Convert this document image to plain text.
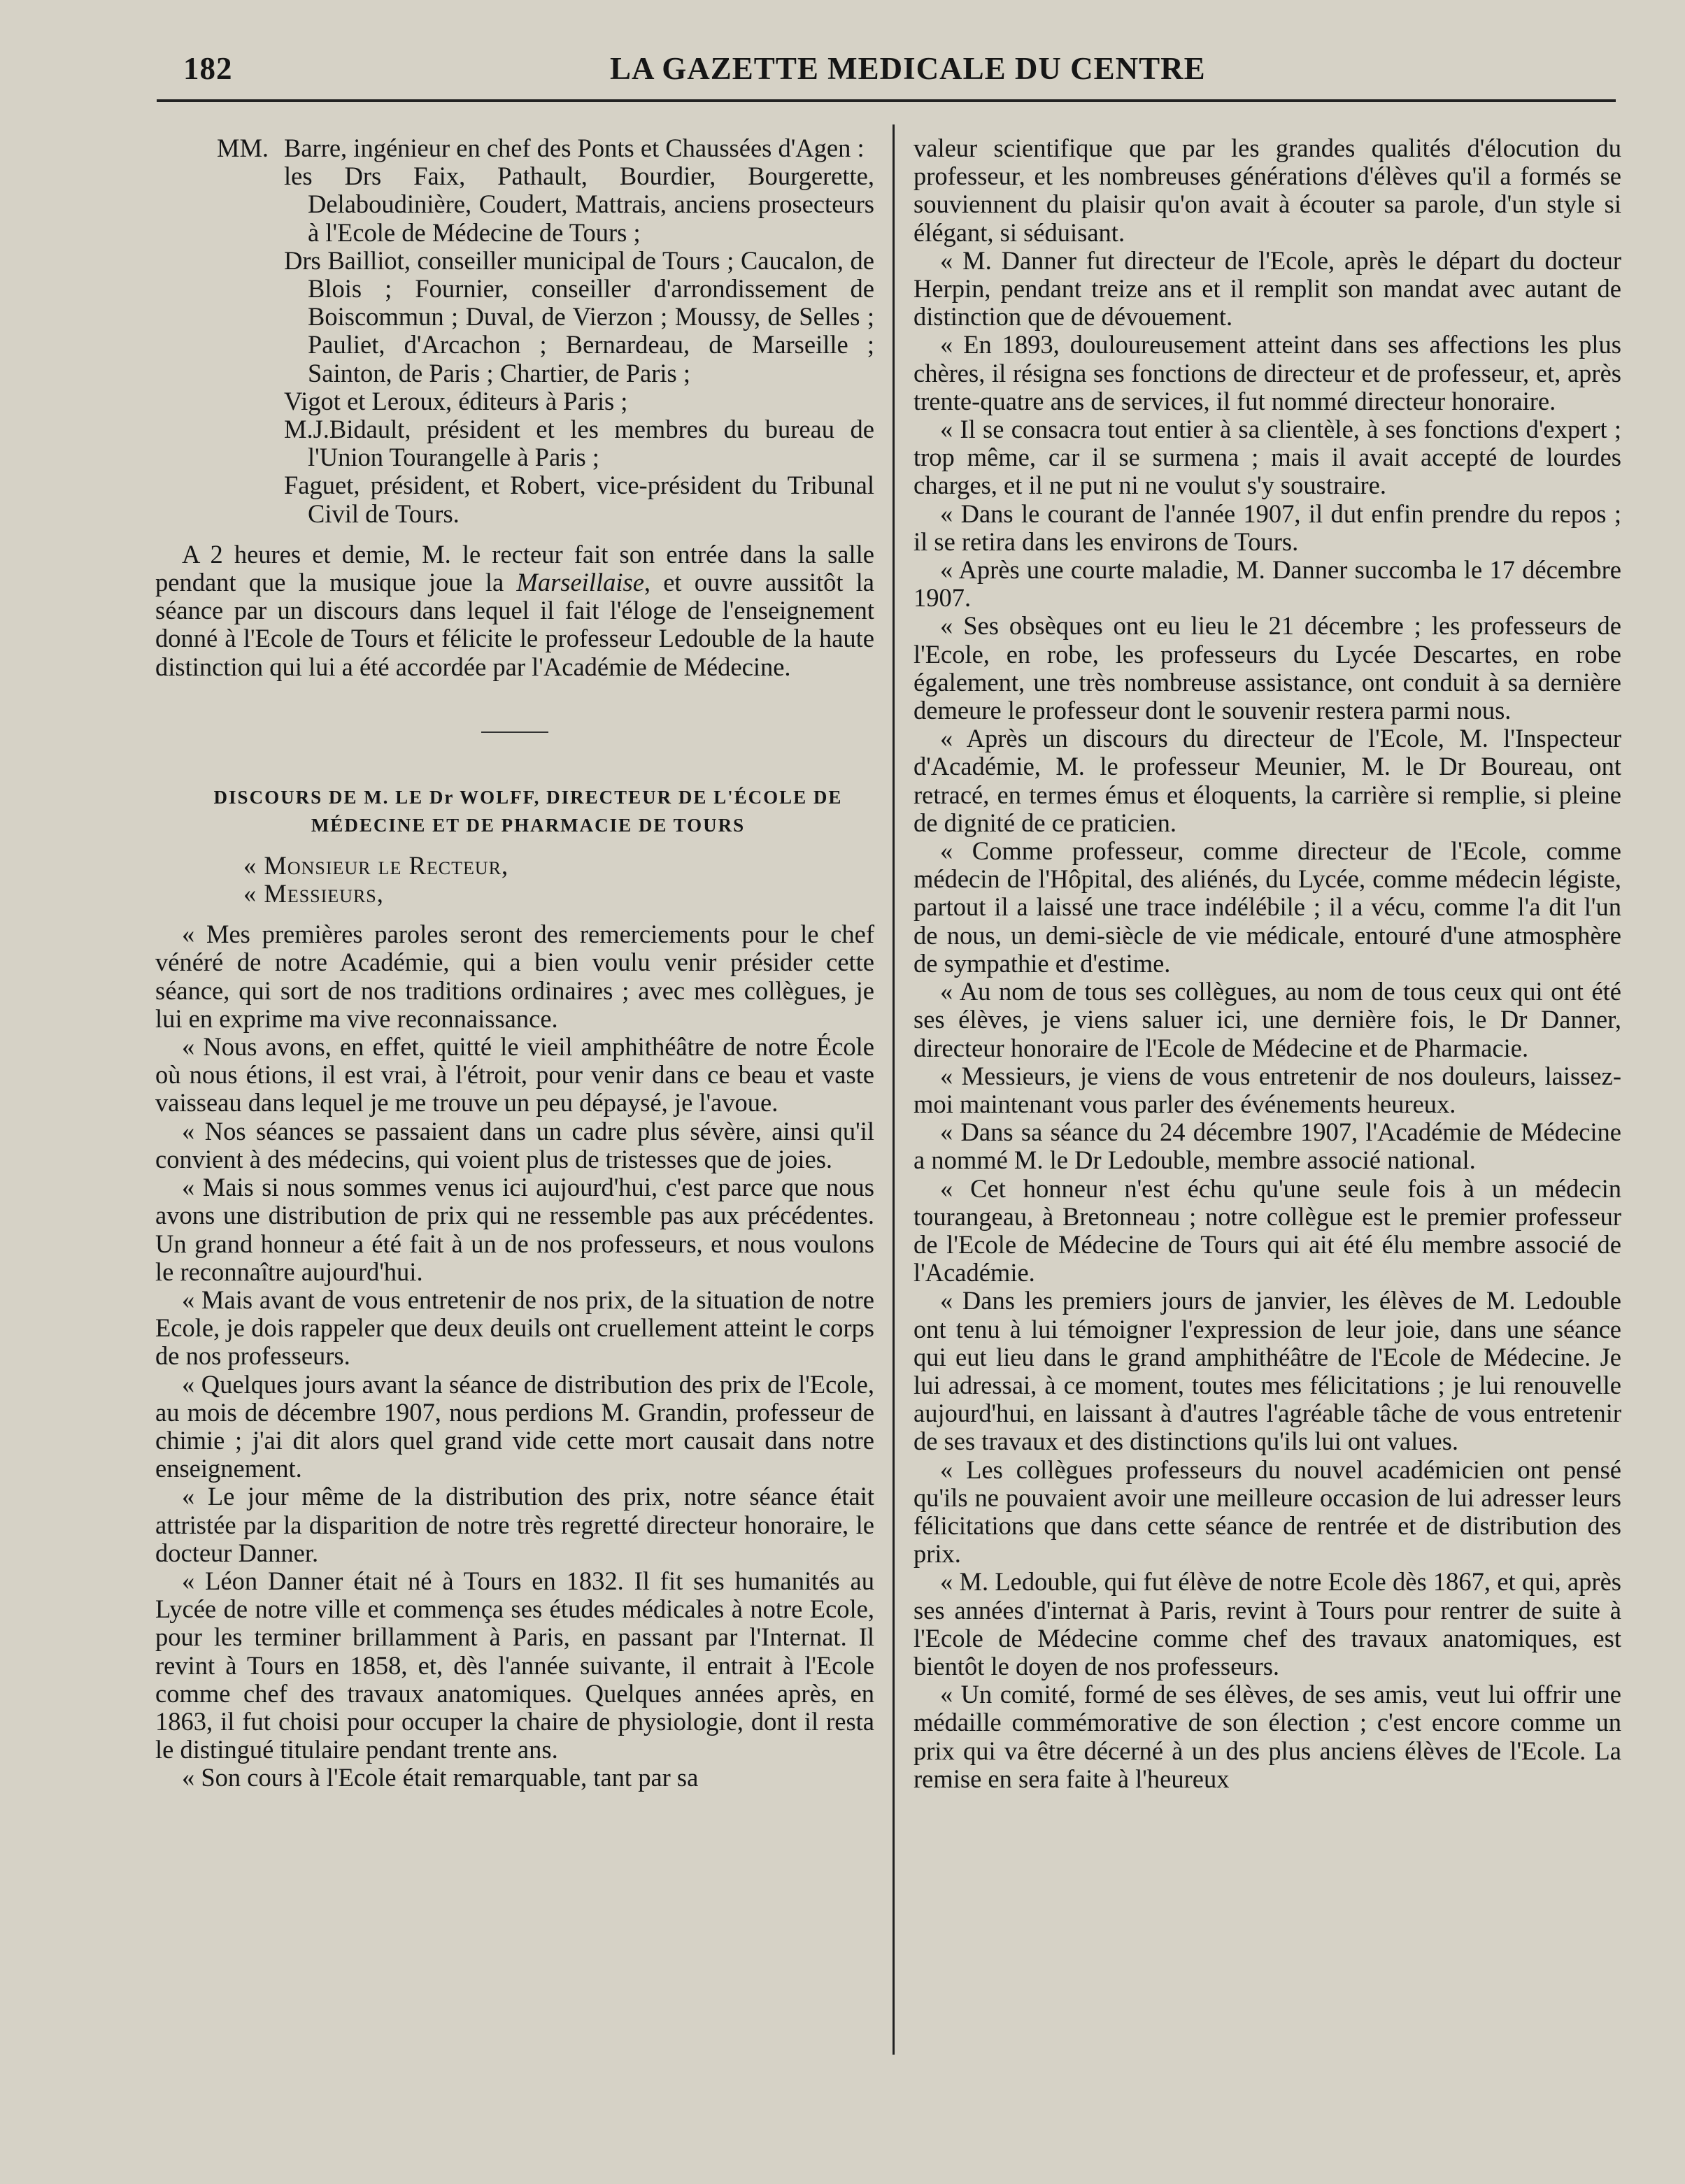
182	LA GAZETTE MEDICALE DU CENTRE
MM. Barre, ingénieur en chef des Ponts et Chaussées d'Agen :

les Drs Faix, Pathault, Bourdier, Bourgerette, Delaboudinière, Coudert, Mattrais, anciens prosecteurs à l'Ecole de Médecine de Tours ;

Drs Bailliot, conseiller municipal de Tours ; Caucalon, de Blois ; Fournier, conseiller d'arrondissement de Boiscommun ; Duval, de Vierzon ; Moussy, de Selles ; Pauliet, d'Arcachon ; Bernardeau, de Marseille ; Sainton, de Paris ; Chartier, de Paris ;

Vigot et Leroux, éditeurs à Paris ;

M.J.Bidault, président et les membres du bureau de l'Union Tourangelle à Paris ;

Faguet, président, et Robert, vice-président du Tribunal Civil de Tours.

A 2 heures et demie, M. le recteur fait son entrée dans la salle pendant que la musique joue la Marseillaise, et ouvre aussitôt la séance par un discours dans lequel il fait l'éloge de l'enseignement donné à l'Ecole de Tours et félicite le professeur Ledouble de la haute distinction qui lui a été accordée par l'Académie de Médecine.

DISCOURS DE M. LE Dr WOLFF, DIRECTEUR DE L'ÉCOLE DE

MÉDECINE ET DE PHARMACIE DE TOURS

« Monsieur le Recteur,

« Messieurs,

« Mes premières paroles seront des remerciements pour le chef vénéré de notre Académie, qui a bien voulu venir présider cette séance, qui sort de nos traditions ordinaires ; avec mes collègues, je lui en exprime ma vive reconnaissance.

« Nous avons, en effet, quitté le vieil amphithéâtre de notre École où nous étions, il est vrai, à l'étroit, pour venir dans ce beau et vaste vaisseau dans lequel je me trouve un peu dépaysé, je l'avoue.

« Nos séances se passaient dans un cadre plus sévère, ainsi qu'il convient à des médecins, qui voient plus de tristesses que de joies.

« Mais si nous sommes venus ici aujourd'hui, c'est parce que nous avons une distribution de prix qui ne ressemble pas aux précédentes. Un grand honneur a été fait à un de nos professeurs, et nous voulons le reconnaître aujourd'hui.

« Mais avant de vous entretenir de nos prix, de la situation de notre Ecole, je dois rappeler que deux deuils ont cruellement atteint le corps de nos professeurs.

« Quelques jours avant la séance de distribution des prix de l'Ecole, au mois de décembre 1907, nous perdions M. Grandin, professeur de chimie ; j'ai dit alors quel grand vide cette mort causait dans notre enseignement.

« Le jour même de la distribution des prix, notre séance était attristée par la disparition de notre très regretté directeur honoraire, le docteur Danner.

« Léon Danner était né à Tours en 1832. Il fit ses humanités au Lycée de notre ville et commença ses études médicales à notre Ecole, pour les terminer brillamment à Paris, en passant par l'Internat. Il revint à Tours en 1858, et, dès l'année suivante, il entrait à l'Ecole comme chef des travaux anatomiques. Quelques années après, en 1863, il fut choisi pour occuper la chaire de physiologie, dont il resta le distingué titulaire pendant trente ans.

« Son cours à l'Ecole était remarquable, tant par sa

valeur scientifique que par les grandes qualités d'élocution du professeur, et les nombreuses générations d'élèves qu'il a formés se souviennent du plaisir qu'on avait à écouter sa parole, d'un style si élégant, si séduisant.

« M. Danner fut directeur de l'Ecole, après le départ du docteur Herpin, pendant treize ans et il remplit son mandat avec autant de distinction que de dévouement.

« En 1893, douloureusement atteint dans ses affections les plus chères, il résigna ses fonctions de directeur et de professeur, et, après trente-quatre ans de services, il fut nommé directeur honoraire.

« Il se consacra tout entier à sa clientèle, à ses fonctions d'expert ; trop même, car il se surmena ; mais il avait accepté de lourdes charges, et il ne put ni ne voulut s'y soustraire.

« Dans le courant de l'année 1907, il dut enfin prendre du repos ; il se retira dans les environs de Tours.

« Après une courte maladie, M. Danner succomba le 17 décembre 1907.

« Ses obsèques ont eu lieu le 21 décembre ; les professeurs de l'Ecole, en robe, les professeurs du Lycée Descartes, en robe également, une très nombreuse assistance, ont conduit à sa dernière demeure le professeur dont le souvenir restera parmi nous.

« Après un discours du directeur de l'Ecole, M. l'Inspecteur d'Académie, M. le professeur Meunier, M. le Dr Boureau, ont retracé, en termes émus et éloquents, la carrière si remplie, si pleine de dignité de ce praticien.

« Comme professeur, comme directeur de l'Ecole, comme médecin de l'Hôpital, des aliénés, du Lycée, comme médecin légiste, partout il a laissé une trace indélébile ; il a vécu, comme l'a dit l'un de nous, un demi-siècle de vie médicale, entouré d'une atmosphère de sympathie et d'estime.

« Au nom de tous ses collègues, au nom de tous ceux qui ont été ses élèves, je viens saluer ici, une dernière fois, le Dr Danner, directeur honoraire de l'Ecole de Médecine et de Pharmacie.

« Messieurs, je viens de vous entretenir de nos douleurs, laissez-moi maintenant vous parler des événements heureux.

« Dans sa séance du 24 décembre 1907, l'Académie de Médecine a nommé M. le Dr Ledouble, membre associé national.

« Cet honneur n'est échu qu'une seule fois à un médecin tourangeau, à Bretonneau ; notre collègue est le premier professeur de l'Ecole de Médecine de Tours qui ait été élu membre associé de l'Académie.

« Dans les premiers jours de janvier, les élèves de M. Ledouble ont tenu à lui témoigner l'expression de leur joie, dans une séance qui eut lieu dans le grand amphithéâtre de l'Ecole de Médecine. Je lui adressai, à ce moment, toutes mes félicitations ; je lui renouvelle aujourd'hui, en laissant à d'autres l'agréable tâche de vous entretenir de ses travaux et des distinctions qu'ils lui ont values.

« Les collègues professeurs du nouvel académicien ont pensé qu'ils ne pouvaient avoir une meilleure occasion de lui adresser leurs félicitations que dans cette séance de rentrée et de distribution des prix.

« M. Ledouble, qui fut élève de notre Ecole dès 1867, et qui, après ses années d'internat à Paris, revint à Tours pour rentrer de suite à l'Ecole de Médecine comme chef des travaux anatomiques, est bientôt le doyen de nos professeurs.

« Un comité, formé de ses élèves, de ses amis, veut lui offrir une médaille commémorative de son élection ; c'est encore comme un prix qui va être décerné à un des plus anciens élèves de l'Ecole. La remise en sera faite à l'heureux
